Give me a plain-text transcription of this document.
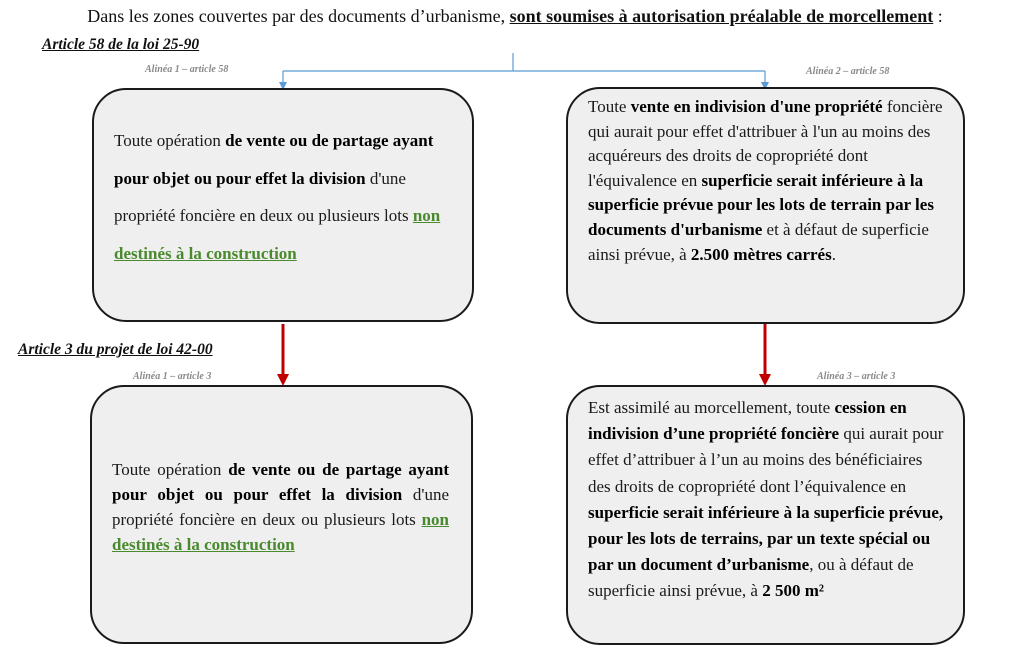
Dans les zones couvertes par des documents d’urbanisme, sont soumises à autorisation préalable de morcellement :
Article 58 de la loi 25-90
Article 3 du projet de loi 42-00
Alinéa 1 – article 58	Alinéa 2 – article 58
Alinéa 1 – article 3	Alinéa 3 – article 3
Toute opération de vente ou de partage ayant pour objet ou pour effet la division d'une propriété foncière en deux ou plusieurs lots non destinés à la construction
Toute vente en indivision d'une propriété foncière qui aurait pour effet d'attribuer à l'un au moins des acquéreurs des droits de copropriété dont l'équivalence en superficie serait inférieure à la superficie prévue pour les lots de terrain par les documents d'urbanisme et à défaut de superficie ainsi prévue, à 2.500 mètres carrés.
Toute opération de vente ou de partage ayant pour objet ou pour effet la division d'une propriété foncière en deux ou plusieurs lots non destinés à la construction
Est assimilé au morcellement, toute cession en indivision d’une propriété foncière qui aurait pour effet d’attribuer à l’un au moins des bénéficiaires des droits de copropriété dont l’équivalence en superficie serait inférieure à la superficie prévue, pour les lots de terrains, par un texte spécial ou par un document d’urbanisme, ou à défaut de superficie ainsi prévue, à 2 500 m²
